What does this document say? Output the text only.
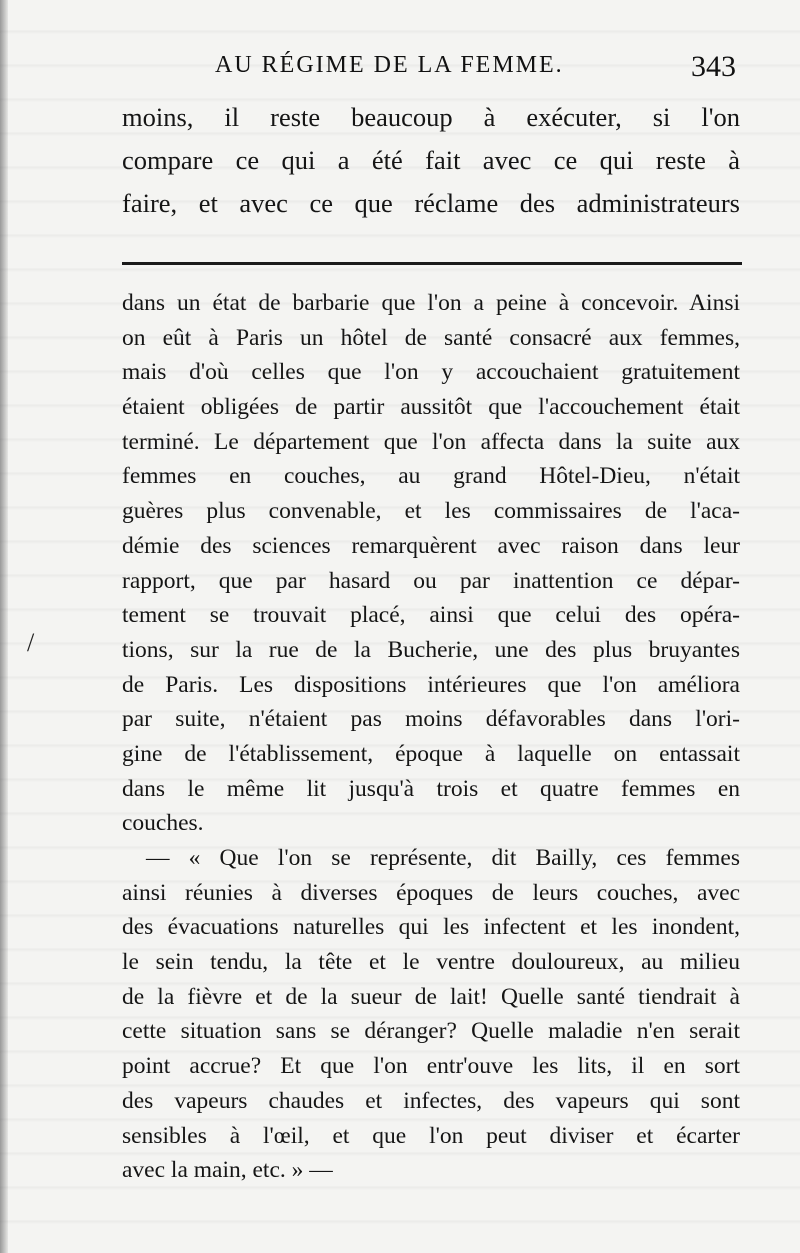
AU RÉGIME DE LA FEMME.	343
moins, il reste beaucoup à exécuter, si l'on
compare ce qui a été fait avec ce qui reste à
faire, et avec ce que réclame des administrateurs
/
dans un état de barbarie que l'on a peine à concevoir. Ainsi
on eût à Paris un hôtel de santé consacré aux femmes,
mais d'où celles que l'on y accouchaient gratuitement
étaient obligées de partir aussitôt que l'accouchement était
terminé. Le département que l'on affecta dans la suite aux
femmes en couches, au grand Hôtel-Dieu, n'était
guères plus convenable, et les commissaires de l'aca-
démie des sciences remarquèrent avec raison dans leur
rapport, que par hasard ou par inattention ce dépar-
tement se trouvait placé, ainsi que celui des opéra-
tions, sur la rue de la Bucherie, une des plus bruyantes
de Paris. Les dispositions intérieures que l'on améliora
par suite, n'étaient pas moins défavorables dans l'ori-
gine de l'établissement, époque à laquelle on entassait
dans le même lit jusqu'à trois et quatre femmes en
couches.
— « Que l'on se représente, dit Bailly, ces femmes
ainsi réunies à diverses époques de leurs couches, avec
des évacuations naturelles qui les infectent et les inondent,
le sein tendu, la tête et le ventre douloureux, au milieu
de la fièvre et de la sueur de lait! Quelle santé tiendrait à
cette situation sans se déranger? Quelle maladie n'en serait
point accrue? Et que l'on entr'ouve les lits, il en sort
des vapeurs chaudes et infectes, des vapeurs qui sont
sensibles à l'œil, et que l'on peut diviser et écarter
avec la main, etc. » —
